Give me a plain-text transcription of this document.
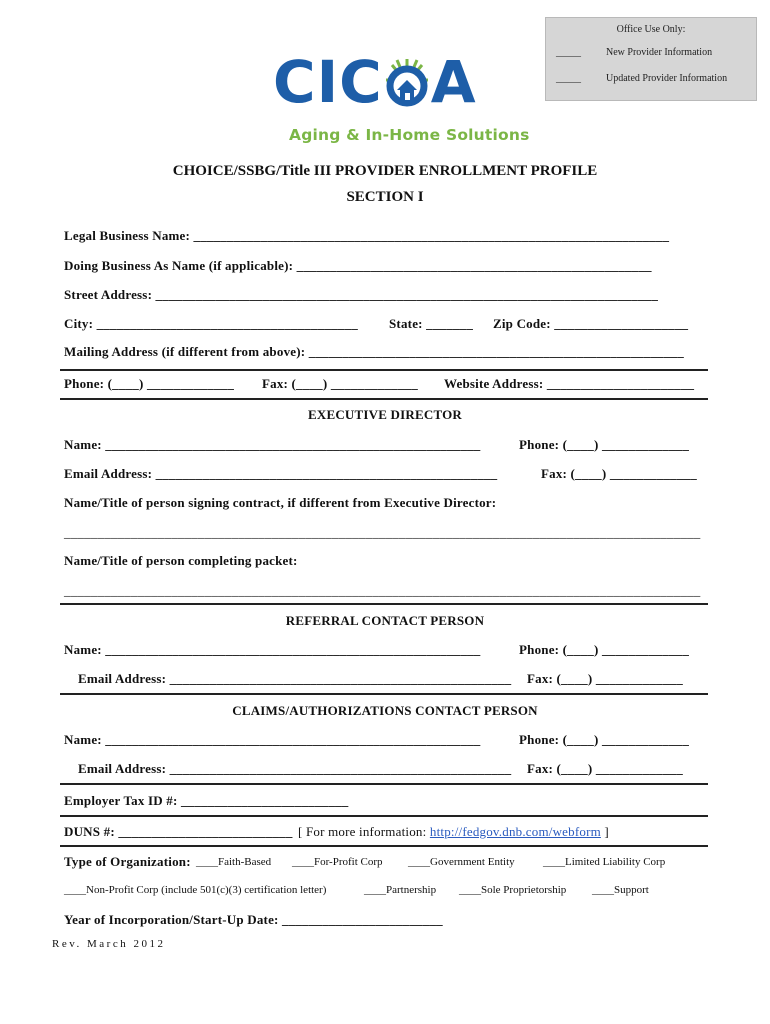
Office Use Only:
_____	New Provider Information
_____	Updated Provider Information
CIC A
Aging & In-Home Solutions
CHOICE/SSBG/Title III PROVIDER ENROLLMENT PROFILE
SECTION I
Legal Business Name: _______________________________________________________________________
Doing Business As Name (if applicable): _____________________________________________________
Street Address: ___________________________________________________________________________
City: _______________________________________ State: _______ Zip Code: ____________________
Mailing Address (if different from above): ________________________________________________________
Phone: (____) _____________ Fax: (____) _____________ Website Address: ______________________
EXECUTIVE DIRECTOR
Name: ________________________________________________________	Phone: (____) _____________
Email Address: ___________________________________________________	Fax: (____) _____________
Name/Title of person signing contract, if different from Executive Director:
_______________________________________________________________________________________________
Name/Title of person completing packet:
_______________________________________________________________________________________________
REFERRAL CONTACT PERSON
Name: ________________________________________________________	Phone: (____) _____________
Email Address: ___________________________________________________ Fax: (____) _____________
CLAIMS/AUTHORIZATIONS CONTACT PERSON
Name: ________________________________________________________	Phone: (____) _____________
Email Address: ___________________________________________________ Fax: (____) _____________
Employer Tax ID #: _________________________
DUNS #: __________________________ [ For more information: http://fedgov.dnb.com/webform ]
Type of Organization: ____Faith-Based ____For-Profit Corp ____Government Entity	____Limited Liability Corp
____Non-Profit Corp (include 501(c)(3) certification letter)	____Partnership ____Sole Proprietorship ____Support
Year of Incorporation/Start-Up Date: ________________________
Rev. March 2012
